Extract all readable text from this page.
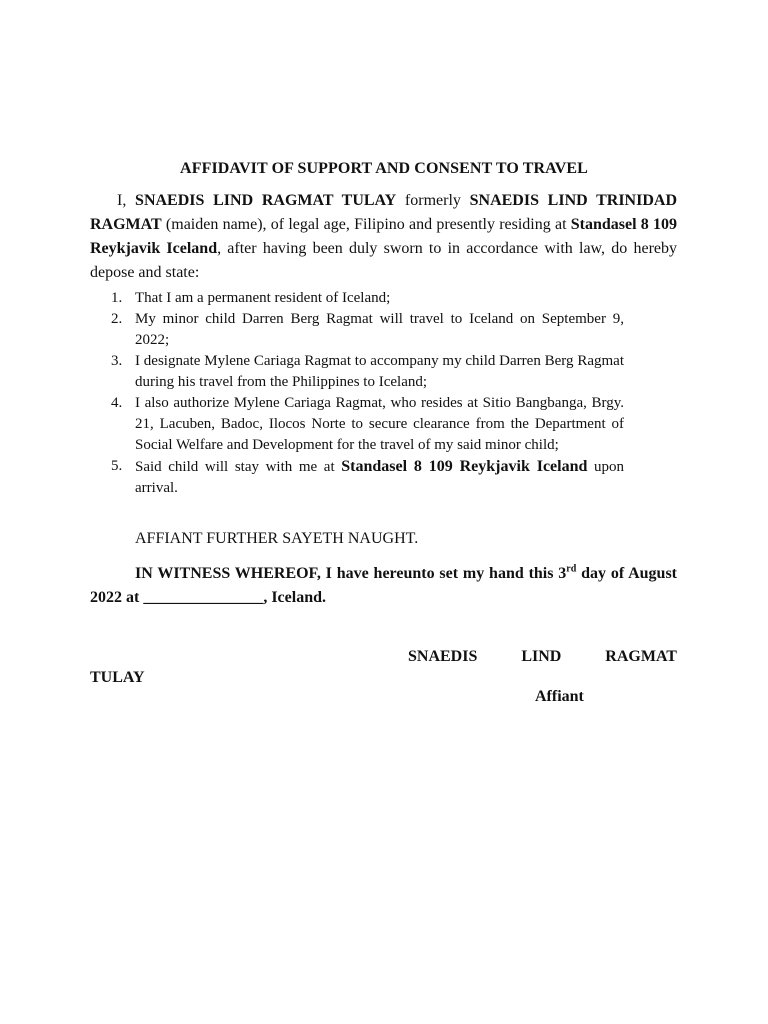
AFFIDAVIT OF SUPPORT AND CONSENT TO TRAVEL

I, SNAEDIS LIND RAGMAT TULAY formerly SNAEDIS LIND TRINIDAD RAGMAT (maiden name), of legal age, Filipino and presently residing at Standasel 8 109 Reykjavik Iceland, after having been duly sworn to in accordance with law, do hereby depose and state:

1. That I am a permanent resident of Iceland;
2. My minor child Darren Berg Ragmat will travel to Iceland on September 9, 2022;
3. I designate Mylene Cariaga Ragmat to accompany my child Darren Berg Ragmat during his travel from the Philippines to Iceland;
4. I also authorize Mylene Cariaga Ragmat, who resides at Sitio Bangbanga, Brgy. 21, Lacuben, Badoc, Ilocos Norte to secure clearance from the Department of Social Welfare and Development for the travel of my said minor child;
5. Said child will stay with me at Standasel 8 109 Reykjavik Iceland upon arrival.
AFFIANT FURTHER SAYETH NAUGHT.

IN WITNESS WHEREOF, I have hereunto set my hand this 3rd day of August 2022 at _______________, Iceland.

SNAEDIS	LIND	RAGMAT
TULAY
Affiant
